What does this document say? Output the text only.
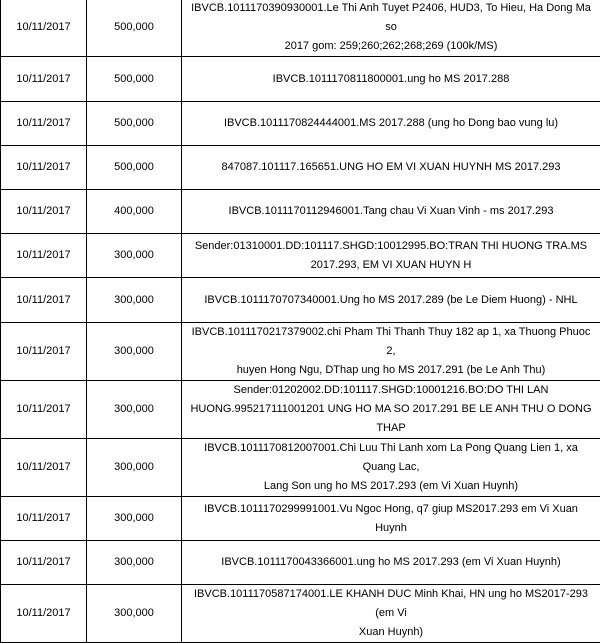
10/11/2017	500,000	IBVCB.1011170390930001.Le Thi Anh Tuyet P2406, HUD3, To Hieu, Ha Dong Ma so
2017 gom: 259;260;262;268;269 (100k/MS)
10/11/2017	500,000	IBVCB.1011170811800001.ung ho MS 2017.288
10/11/2017	500,000	IBVCB.1011170824444001.MS 2017.288 (ung ho Dong bao vung lu)
10/11/2017	500,000	847087.101117.165651.UNG HO EM VI XUAN HUYNH MS 2017.293
10/11/2017	400,000	IBVCB.1011170112946001.Tang chau Vi Xuan Vinh - ms 2017.293
10/11/2017	300,000	Sender:01310001.DD:101117.SHGD:10012995.BO:TRAN THI HUONG TRA.MS
2017.293, EM VI XUAN HUYN H
10/11/2017	300,000	IBVCB.1011170707340001.Ung ho MS 2017.289 (be Le Diem Huong) - NHL
10/11/2017	300,000	IBVCB.1011170217379002.chi Pham Thi Thanh Thuy 182 ap 1, xa Thuong Phuoc 2,
huyen Hong Ngu, DThap ung ho MS 2017.291 (be Le Anh Thu)
10/11/2017	300,000	Sender:01202002.DD:101117.SHGD:10001216.BO:DO THI LAN
HUONG.995217111001201 UNG HO MA SO 2017.291 BE LE ANH THU O DONG THAP
10/11/2017	300,000	IBVCB.1011170812007001.Chi Luu Thi Lanh xom La Pong Quang Lien 1, xa Quang Lac,
Lang Son ung ho MS 2017.293 (em Vi Xuan Huynh)
10/11/2017	300,000	IBVCB.1011170299991001.Vu Ngoc Hong, q7 giup MS2017.293 em Vi Xuan Huynh
10/11/2017	300,000	IBVCB.1011170043366001.ung ho MS 2017.293 (em Vi Xuan Huynh)
10/11/2017	300,000	IBVCB.1011170587174001.LE KHANH DUC Minh Khai, HN ung ho MS2017-293 (em Vi
Xuan Huynh)
